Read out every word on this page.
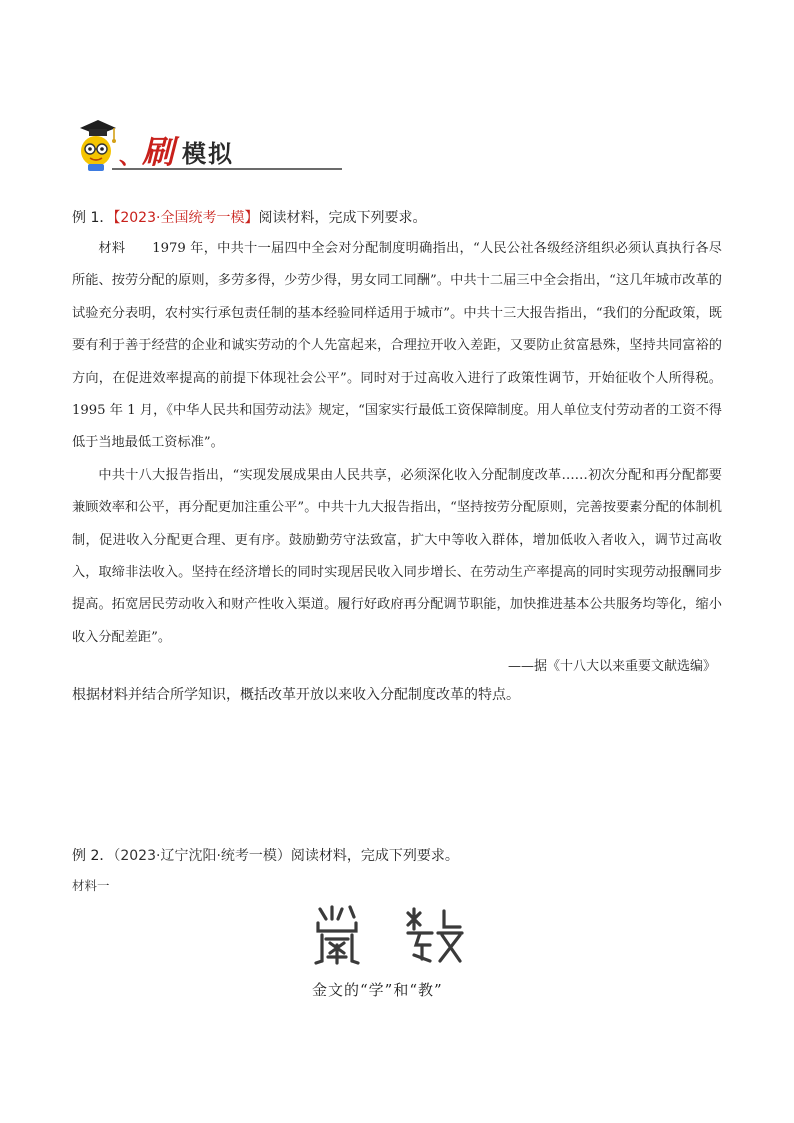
、 刷 模拟
例 1．【2023·全国统考一模】阅读材料，完成下列要求。

材料　　1979 年，中共十一届四中全会对分配制度明确指出，“人民公社各级经济组织必须认真执行各尽所能、按劳分配的原则，多劳多得，少劳少得，男女同工同酬”。中共十二届三中全会指出，“这几年城市改革的试验充分表明，农村实行承包责任制的基本经验同样适用于城市”。中共十三大报告指出，“我们的分配政策，既要有利于善于经营的企业和诚实劳动的个人先富起来，合理拉开收入差距，又要防止贫富悬殊，坚持共同富裕的方向，在促进效率提高的前提下体现社会公平”。同时对于过高收入进行了政策性调节，开始征收个人所得税。1995 年 1 月，《中华人民共和国劳动法》规定，“国家实行最低工资保障制度。用人单位支付劳动者的工资不得低于当地最低工资标准”。

中共十八大报告指出，“实现发展成果由人民共享，必须深化收入分配制度改革……初次分配和再分配都要兼顾效率和公平，再分配更加注重公平”。中共十九大报告指出，“坚持按劳分配原则，完善按要素分配的体制机制，促进收入分配更合理、更有序。鼓励勤劳守法致富，扩大中等收入群体，增加低收入者收入，调节过高收入，取缔非法收入。坚持在经济增长的同时实现居民收入同步增长、在劳动生产率提高的同时实现劳动报酬同步提高。拓宽居民劳动收入和财产性收入渠道。履行好政府再分配调节职能，加快推进基本公共服务均等化，缩小收入分配差距”。

——据《十八大以来重要文献选编》
根据材料并结合所学知识，概括改革开放以来收入分配制度改革的特点。
例 2．（2023·辽宁沈阳·统考一模）阅读材料，完成下列要求。
材料一
金文的“学”和“教”
